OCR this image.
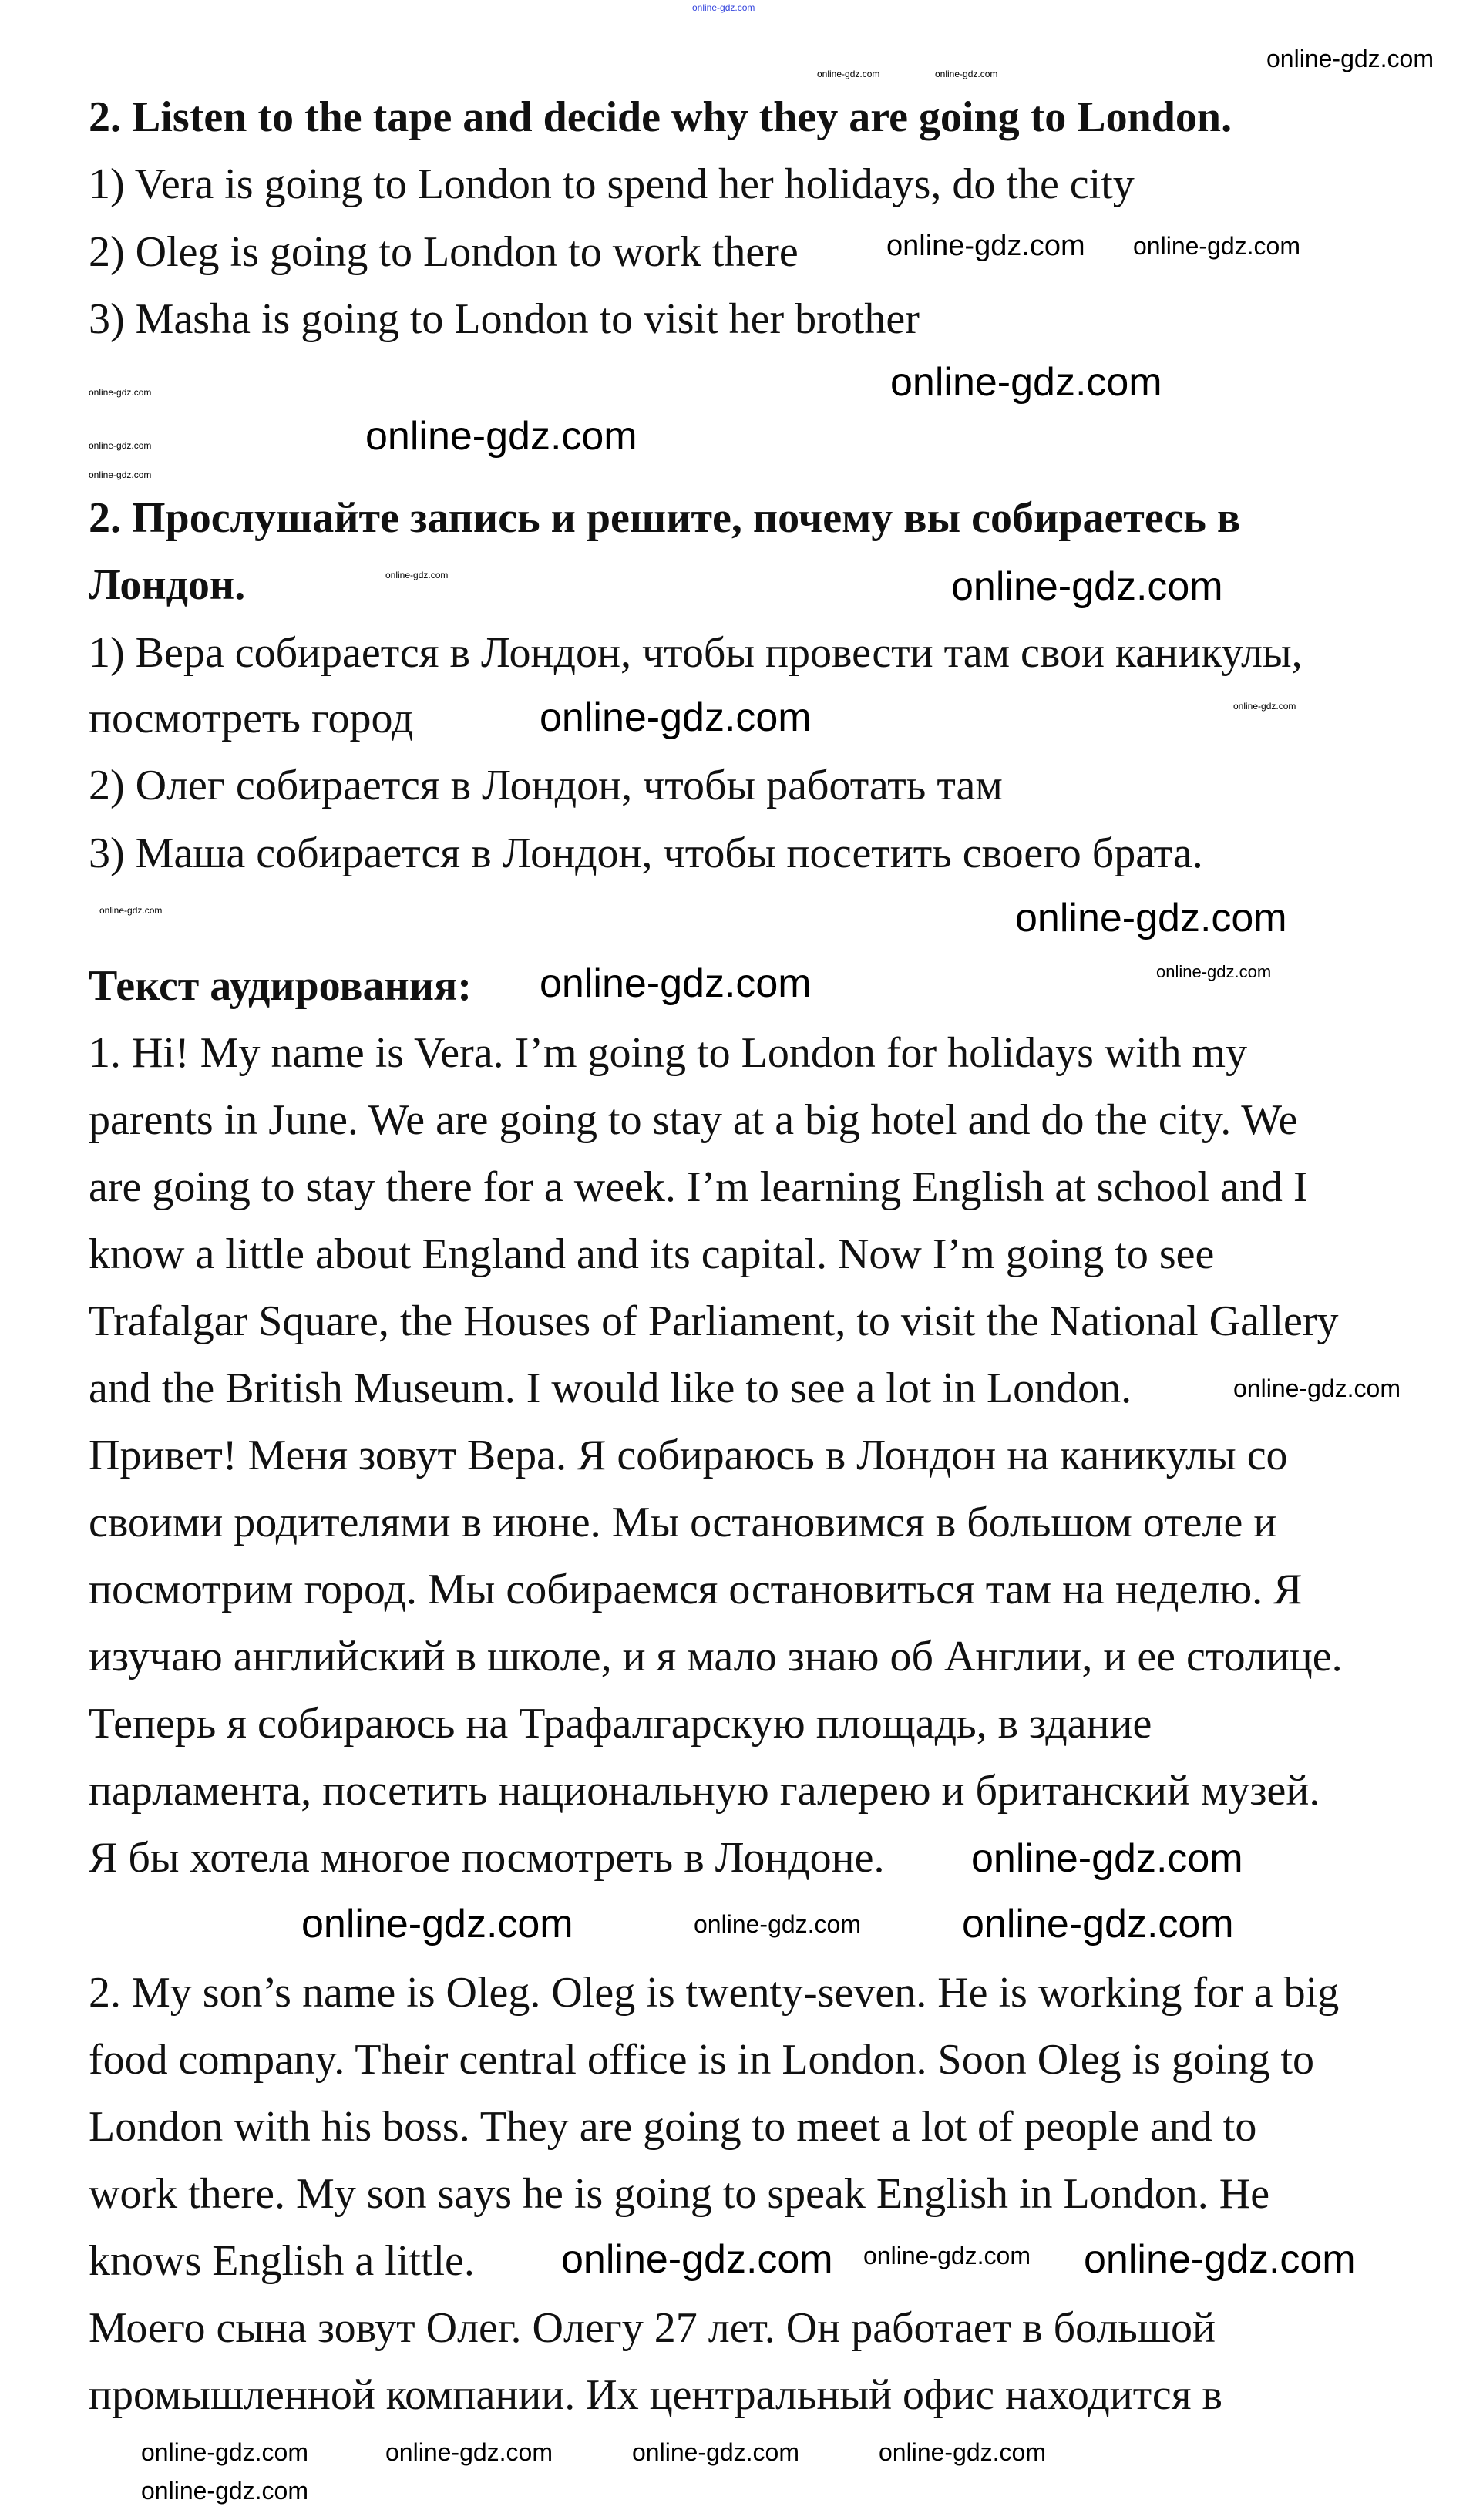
2. Listen to the tape and decide why they are going to London.
1) Vera is going to London to spend her holidays, do the city
2) Oleg is going to London to work there
3) Masha is going to London to visit her brother
2. Прослушайте запись и решите, почему вы собираетесь в
Лондон.
1) Вера собирается в Лондон, чтобы провести там свои каникулы,
посмотреть город
2) Олег собирается в Лондон, чтобы работать там
3) Маша собирается в Лондон, чтобы посетить своего брата.
Текст аудирования:
1. Hi! My name is Vera. I’m going to London for holidays with my
parents in June. We are going to stay at a big hotel and do the city. We
are going to stay there for a week. I’m learning English at school and I
know a little about England and its capital. Now I’m going to see
Trafalgar Square, the Houses of Parliament, to visit the National Gallery
and the British Museum. I would like to see a lot in London.
Привет! Меня зовут Вера. Я собираюсь в Лондон на каникулы со
своими родителями в июне. Мы остановимся в большом отеле и
посмотрим город. Мы собираемся остановиться там на неделю. Я
изучаю английский в школе, и я мало знаю об Англии, и ее столице.
Теперь я собираюсь на Трафалгарскую площадь, в здание
парламента, посетить национальную галерею и британский музей.
Я бы хотела многое посмотреть в Лондоне.
2. My son’s name is Oleg. Oleg is twenty-seven. He is working for a big
food company. Their central office is in London. Soon Oleg is going to
London with his boss. They are going to meet a lot of people and to
work there. My son says he is going to speak English in London. He
knows English a little.
Моего сына зовут Олег. Олегу 27 лет. Он работает в большой
промышленной компании. Их центральный офис находится в
online-gdz.com
online-gdz.com	online-gdz.com
online-gdz.com
online-gdz.com online-gdz.com
online-gdz.com
online-gdz.com
online-gdz.com	online-gdz.com
online-gdz.com
online-gdz.com	online-gdz.com
online-gdz.com
online-gdz.com
online-gdz.com	online-gdz.com
online-gdz.com
online-gdz.com
online-gdz.com
online-gdz.com
online-gdz.com
online-gdz.com
online-gdz.com
online-gdz.com
online-gdz.com
online-gdz.com
online-gdz.com
online-gdz.com
online-gdz.com	online-gdz.com
online-gdz.com
